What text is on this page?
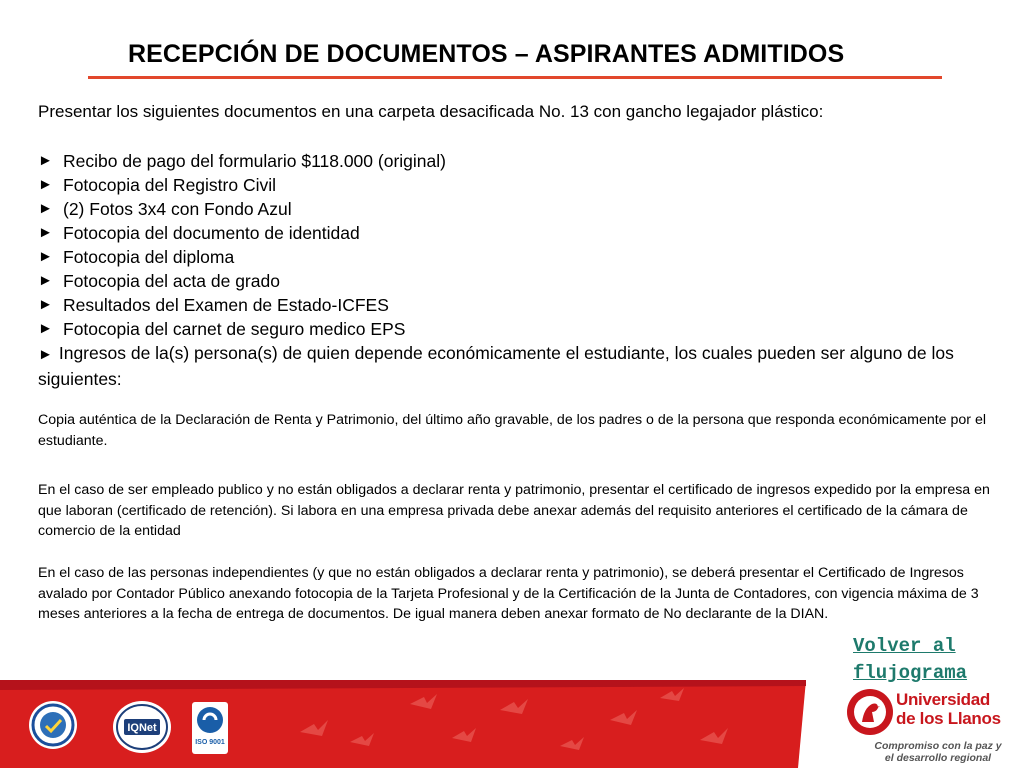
RECEPCIÓN DE DOCUMENTOS – ASPIRANTES ADMITIDOS

Presentar los siguientes documentos en una carpeta desacificada No. 13 con gancho legajador plástico:

► Recibo de pago del formulario $118.000 (original)
► Fotocopia del Registro Civil
► (2) Fotos 3x4 con Fondo Azul
► Fotocopia del documento de identidad
► Fotocopia del diploma
► Fotocopia del acta de grado
► Resultados del Examen de Estado-ICFES
► Fotocopia del carnet de seguro medico EPS
► Ingresos de la(s) persona(s) de quien depende económicamente el estudiante, los cuales pueden ser alguno de los siguientes:

Copia auténtica de la Declaración de Renta y Patrimonio, del último año gravable, de los padres o de la persona que responda económicamente por el estudiante.

En el caso de ser empleado publico y no están obligados a declarar renta y patrimonio, presentar el certificado de ingresos expedido por la empresa en que laboran (certificado de retención). Si labora en una empresa privada debe anexar además del requisito anteriores el certificado de la cámara de comercio de la entidad

En el caso de las personas independientes (y que no están obligados a declarar renta y patrimonio), se deberá presentar el Certificado de Ingresos avalado por Contador Público anexando fotocopia de la Tarjeta Profesional y de la Certificación de la Junta de Contadores, con vigencia máxima de 3 meses anteriores a la fecha de entrega de documentos. De igual manera deben anexar formato de No declarante de la DIAN.

Volver al flujograma
IQNet
ISO 9001
Universidad
de los Llanos
Compromiso con la paz y
el desarrollo regional
